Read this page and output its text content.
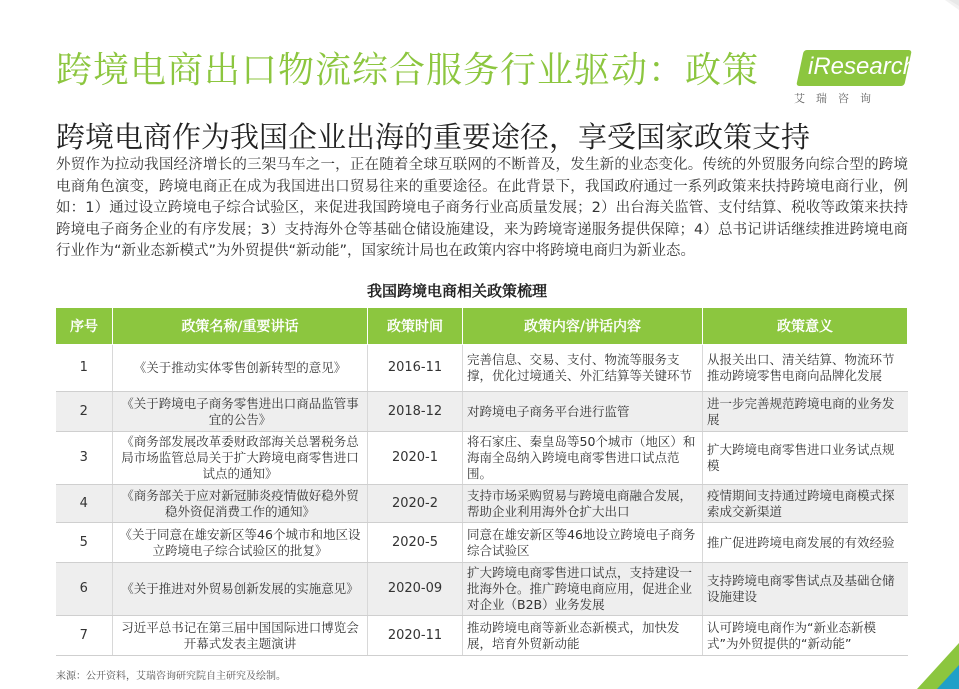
跨境电商出口物流综合服务行业驱动：政策 iResearch
艾瑞咨询
跨境电商作为我国企业出海的重要途径，享受国家政策支持
外贸作为拉动我国经济增长的三架马车之一，正在随着全球互联网的不断普及，发生新的业态变化。传统的外贸服务向综合型的跨境电商角色演变，跨境电商正在成为我国进出口贸易往来的重要途径。在此背景下，我国政府通过一系列政策来扶持跨境电商行业，例如：1）通过设立跨境电子综合试验区，来促进我国跨境电子商务行业高质量发展；2）出台海关监管、支付结算、税收等政策来扶持跨境电子商务企业的有序发展；3）支持海外仓等基础仓储设施建设，来为跨境寄递服务提供保障；4）总书记讲话继续推进跨境电商行业作为“新业态新模式”为外贸提供“新动能”，国家统计局也在政策内容中将跨境电商归为新业态。
我国跨境电商相关政策梳理
序号	政策名称/重要讲话	政策时间	政策内容/讲话内容	政策意义
1	《关于推动实体零售创新转型的意见》	2016-11	完善信息、交易、支付、物流等服务支撑，优化过境通关、外汇结算等关键环节	从报关出口、清关结算、物流环节推动跨境零售电商向品牌化发展
2	《关于跨境电子商务零售进出口商品监管事宜的公告》	2018-12	对跨境电子商务平台进行监管	进一步完善规范跨境电商的业务发展
3	《商务部发展改革委财政部海关总署税务总局市场监管总局关于扩大跨境电商零售进口试点的通知》	2020-1	将石家庄、秦皇岛等50个城市（地区）和海南全岛纳入跨境电商零售进口试点范围。	扩大跨境电商零售进口业务试点规模
4	《商务部关于应对新冠肺炎疫情做好稳外贸稳外资促消费工作的通知》	2020-2	支持市场采购贸易与跨境电商融合发展，帮助企业利用海外仓扩大出口	疫情期间支持通过跨境电商模式探索成交新渠道
5	《关于同意在雄安新区等46个城市和地区设立跨境电子综合试验区的批复》	2020-5	同意在雄安新区等46地设立跨境电子商务综合试验区	推广促进跨境电商发展的有效经验
6	《关于推进对外贸易创新发展的实施意见》	2020-09	扩大跨境电商零售进口试点，支持建设一批海外仓。推广跨境电商应用，促进企业对企业（B2B）业务发展	支持跨境电商零售试点及基础仓储设施建设
7	习近平总书记在第三届中国国际进口博览会开幕式发表主题演讲	2020-11	推动跨境电商等新业态新模式，加快发展，培育外贸新动能	认可跨境电商作为“新业态新模式”为外贸提供的“新动能”
来源：公开资料，艾瑞咨询研究院自主研究及绘制。
